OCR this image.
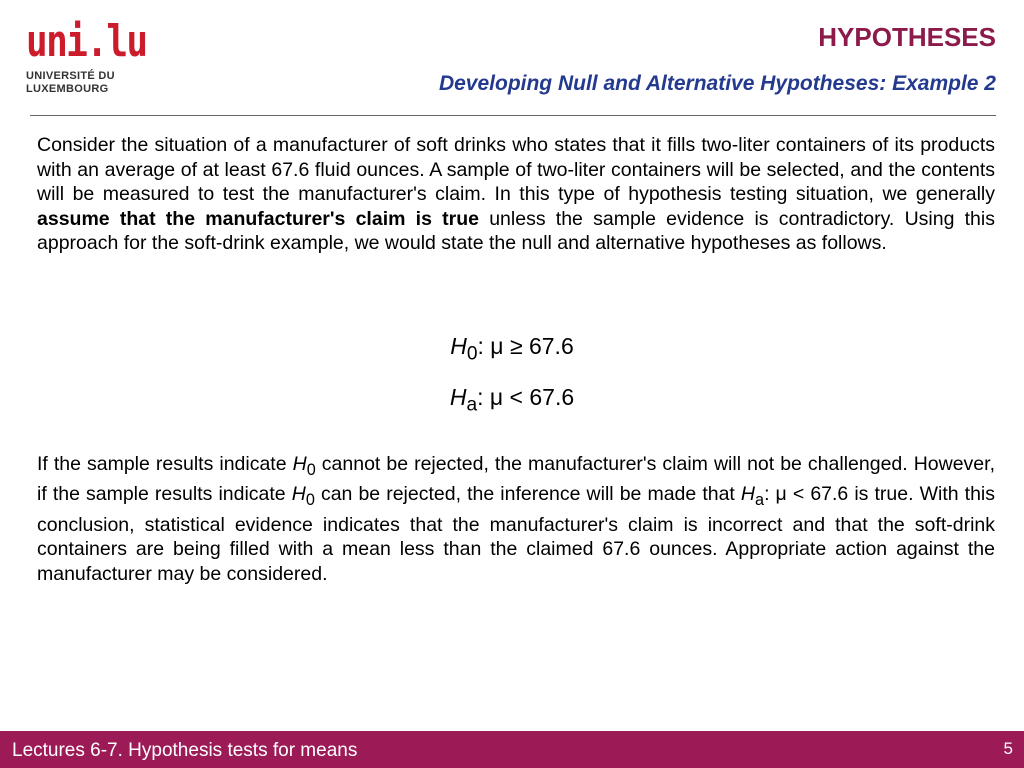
uni.lu
UNIVERSITÉ DU
LUXEMBOURG
HYPOTHESES
Developing Null and Alternative Hypotheses: Example 2
Consider the situation of a manufacturer of soft drinks who states that it fills two-liter containers of its products with an average of at least 67.6 fluid ounces. A sample of two-liter containers will be selected, and the contents will be measured to test the manufacturer's claim. In this type of hypothesis testing situation, we generally assume that the manufacturer's claim is true unless the sample evidence is contradictory. Using this approach for the soft-drink example, we would state the null and alternative hypotheses as follows.
$H_0$: μ ≥ 67.6
$H_a$: μ < 67.6
If the sample results indicate $H_0$ cannot be rejected, the manufacturer's claim will not be challenged. However, if the sample results indicate $H_0$ can be rejected, the inference will be made that $H_a$: μ < 67.6 is true. With this conclusion, statistical evidence indicates that the manufacturer's claim is incorrect and that the soft-drink containers are being filled with a mean less than the claimed 67.6 ounces. Appropriate action against the manufacturer may be considered.
Lectures 6-7. Hypothesis tests for means	5
